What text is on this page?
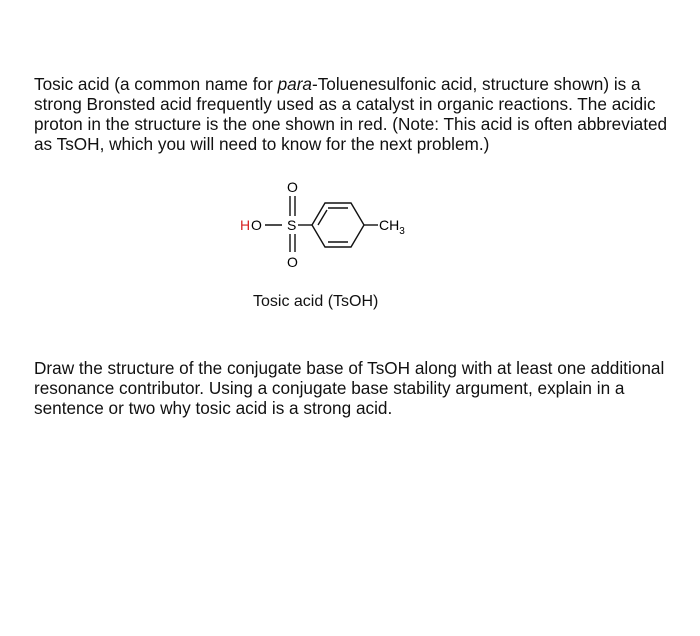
Tosic acid (a common name for para-Toluenesulfonic acid, structure shown) is a strong Bronsted acid frequently used as a catalyst in organic reactions. The acidic proton in the structure is the one shown in red. (Note: This acid is often abbreviated as TsOH, which you will need to know for the next problem.)

O
H O S
O
$CH_3$

Tosic acid (TsOH)

Draw the structure of the conjugate base of TsOH along with at least one additional resonance contributor. Using a conjugate base stability argument, explain in a sentence or two why tosic acid is a strong acid.
